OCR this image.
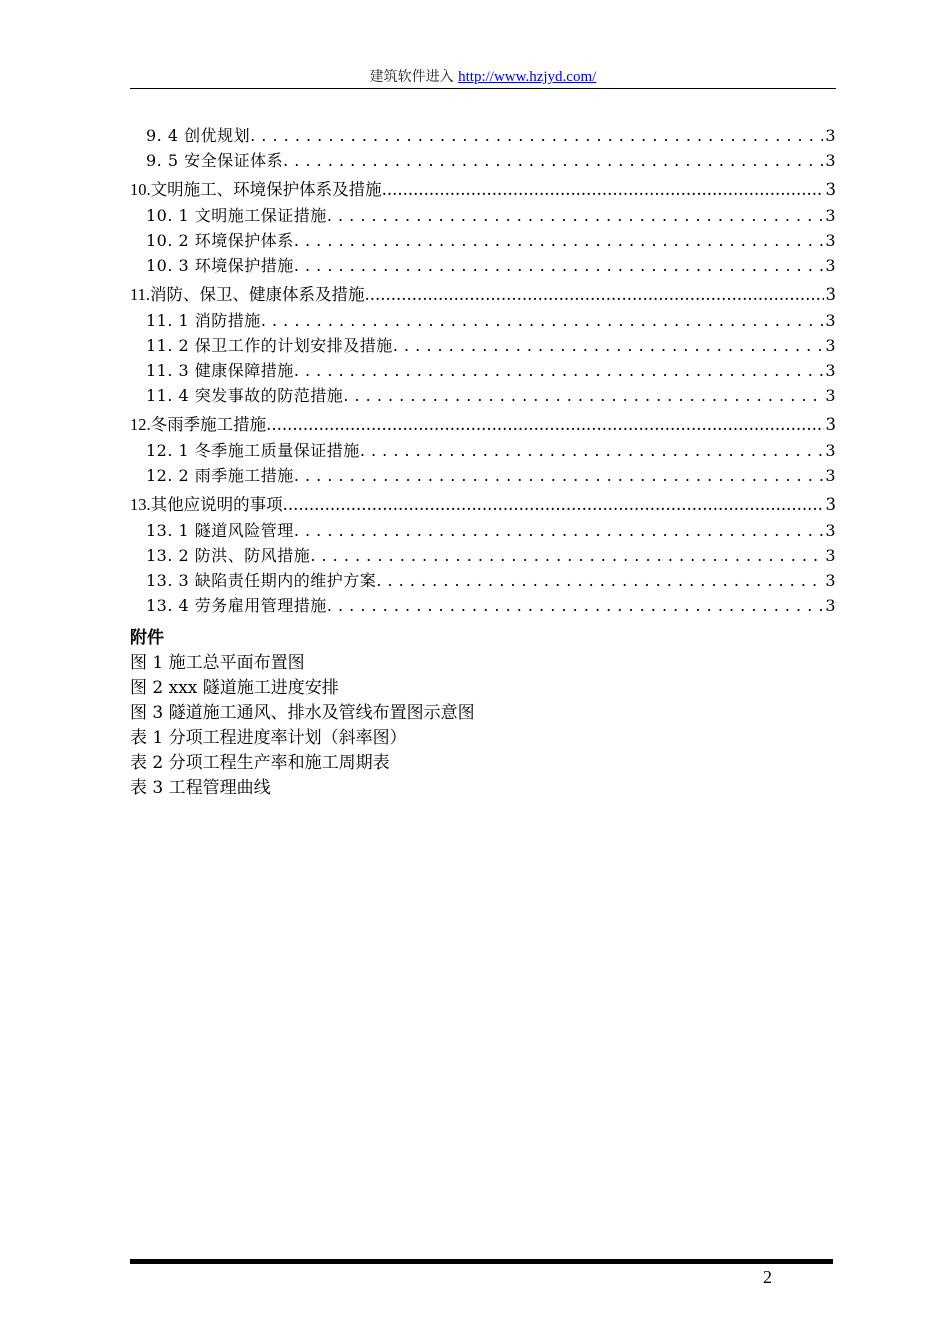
建筑软件进入 http://www.hzjyd.com/
9. 4 创优规划 . . .	3
9. 5 安全保证体系 . . .	3
10.文明施工、环境保护体系及措施 .....	3
10. 1 文明施工保证措施 . . .	3
10. 2 环境保护体系 . . .	3
10. 3 环境保护措施 . . .	3
11.消防、保卫、健康体系及措施 .....	3
11. 1 消防措施 . . .	3
11. 2 保卫工作的计划安排及措施 . . .	3
11. 3 健康保障措施 . . .	3
11. 4 突发事故的防范措施 . . .	3
12.冬雨季施工措施 .....	3
12. 1 冬季施工质量保证措施 . . .	3
12. 2 雨季施工措施 . . .	3
13.其他应说明的事项 .....	3
13. 1 隧道风险管理 . . .	3
13. 2 防洪、防风措施 . . .	3
13. 3 缺陷责任期内的维护方案 . . .	3
13. 4 劳务雇用管理措施 . . .	3
附件
图 1 施工总平面布置图
图 2 xxx 隧道施工进度安排
图 3 隧道施工通风、排水及管线布置图示意图
表 1 分项工程进度率计划（斜率图）
表 2 分项工程生产率和施工周期表
表 3 工程管理曲线
2
